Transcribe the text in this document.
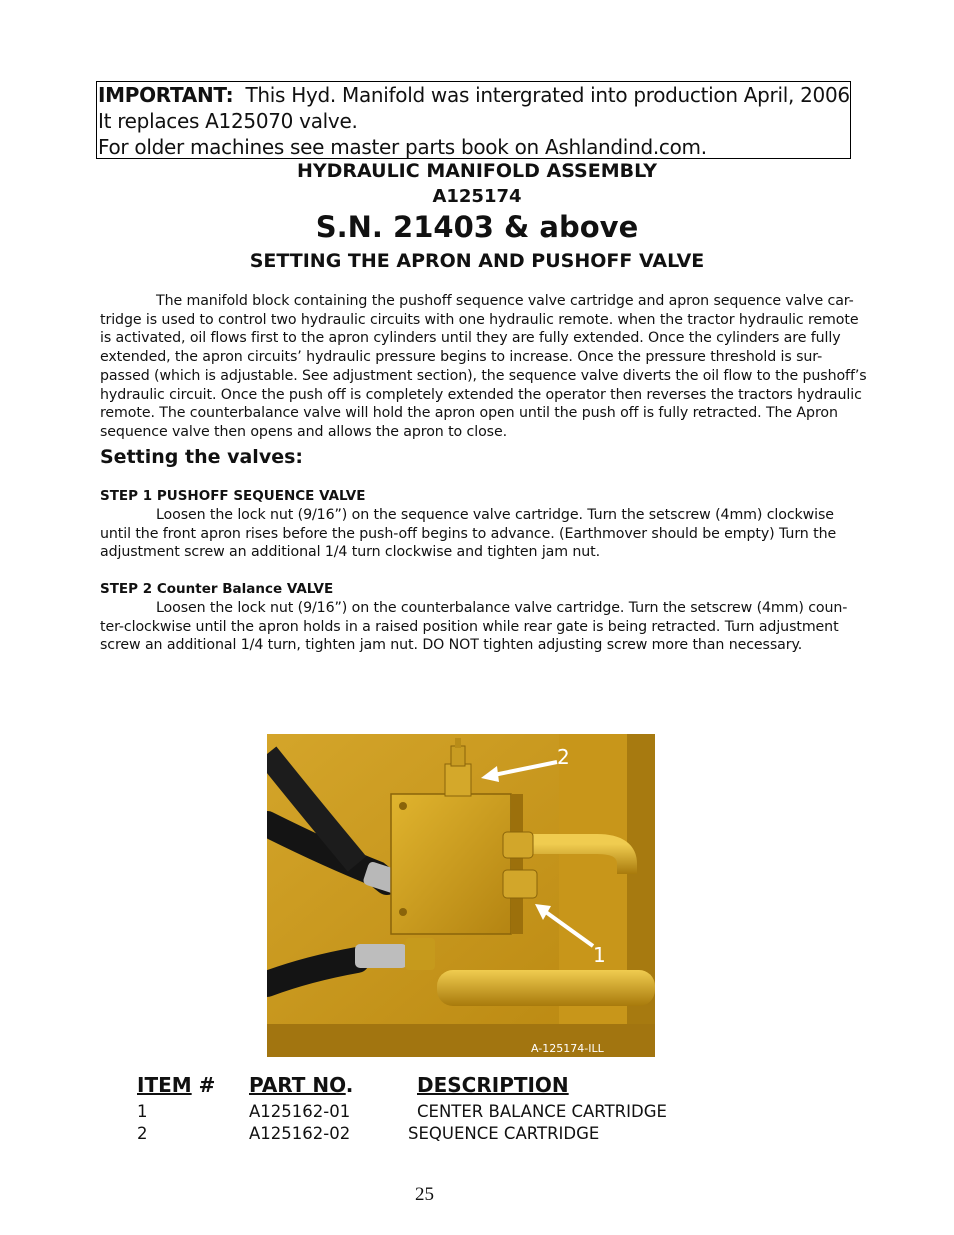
IMPORTANT:  This Hyd. Manifold was intergrated into production April, 2006
It replaces A125070 valve.
For older machines see master parts book on Ashlandind.com.
HYDRAULIC MANIFOLD ASSEMBLY
A125174
S.N. 21403 & above
SETTING THE APRON AND PUSHOFF VALVE
The manifold block containing the pushoff sequence valve cartridge and apron sequence valve car-
tridge is used to control two hydraulic circuits with one hydraulic remote. when the tractor hydraulic remote
is activated, oil flows first to the apron cylinders until they are fully extended. Once the cylinders are fully
extended, the apron circuits’ hydraulic pressure begins to increase. Once the pressure threshold is sur-
passed (which is adjustable. See adjustment section), the sequence valve diverts the oil flow to the pushoff’s
hydraulic circuit. Once the push off is completely extended the operator then reverses the tractors hydraulic
remote. The counterbalance valve will hold the apron open until the push off is fully retracted. The Apron
sequence valve then opens and allows the apron to close.
Setting the valves:
STEP 1 PUSHOFF SEQUENCE VALVE
Loosen the lock nut (9/16”) on the sequence valve cartridge. Turn the setscrew (4mm) clockwise
until the front apron rises before the push-off begins to advance. (Earthmover should be empty) Turn the
adjustment screw an additional 1/4 turn clockwise and tighten jam nut.
STEP 2 Counter Balance VALVE
Loosen the lock nut (9/16”) on the counterbalance valve cartridge. Turn the setscrew (4mm) coun-
ter-clockwise until the apron holds in a raised position while rear gate is being retracted. Turn adjustment
screw an additional 1/4 turn, tighten jam nut. DO NOT tighten adjusting screw more than necessary.
2
1
A-125174-ILL
ITEM # PART NO.	DESCRIPTION
1	A125162-01	CENTER BALANCE CARTRIDGE
2	A125162-02	SEQUENCE CARTRIDGE
25
